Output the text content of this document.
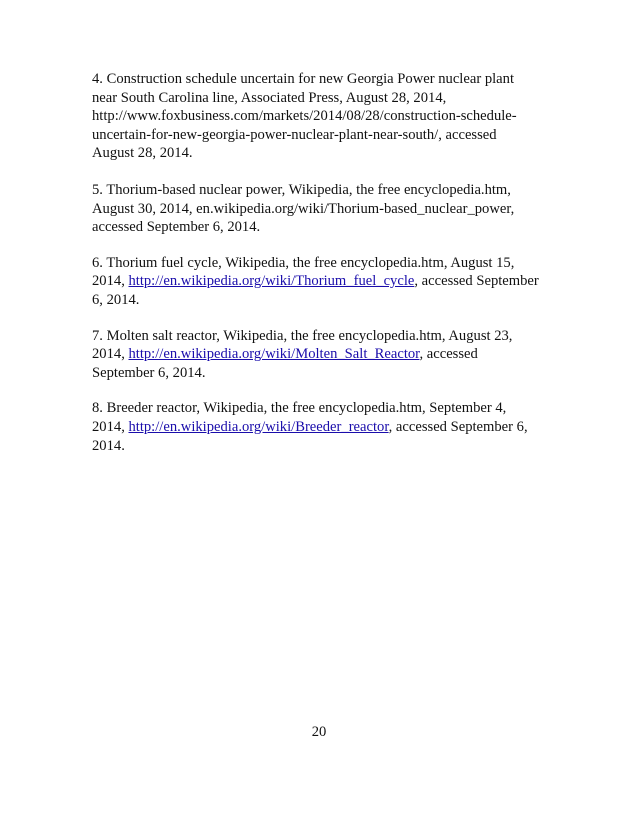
4. Construction schedule uncertain for new Georgia Power nuclear plant
near South Carolina line, Associated Press, August 28, 2014,
http://www.foxbusiness.com/markets/2014/08/28/construction-schedule-
uncertain-for-new-georgia-power-nuclear-plant-near-south/, accessed
August 28, 2014.

5. Thorium-based nuclear power, Wikipedia, the free encyclopedia.htm,
August 30, 2014, en.wikipedia.org/wiki/Thorium-based_nuclear_power,
accessed September 6, 2014.

6. Thorium fuel cycle, Wikipedia, the free encyclopedia.htm, August 15,
2014, http://en.wikipedia.org/wiki/Thorium_fuel_cycle, accessed September
6, 2014.

7. Molten salt reactor, Wikipedia, the free encyclopedia.htm, August 23,
2014, http://en.wikipedia.org/wiki/Molten_Salt_Reactor, accessed
September 6, 2014.

8. Breeder reactor, Wikipedia, the free encyclopedia.htm, September 4,
2014, http://en.wikipedia.org/wiki/Breeder_reactor, accessed September 6,
2014.

20
